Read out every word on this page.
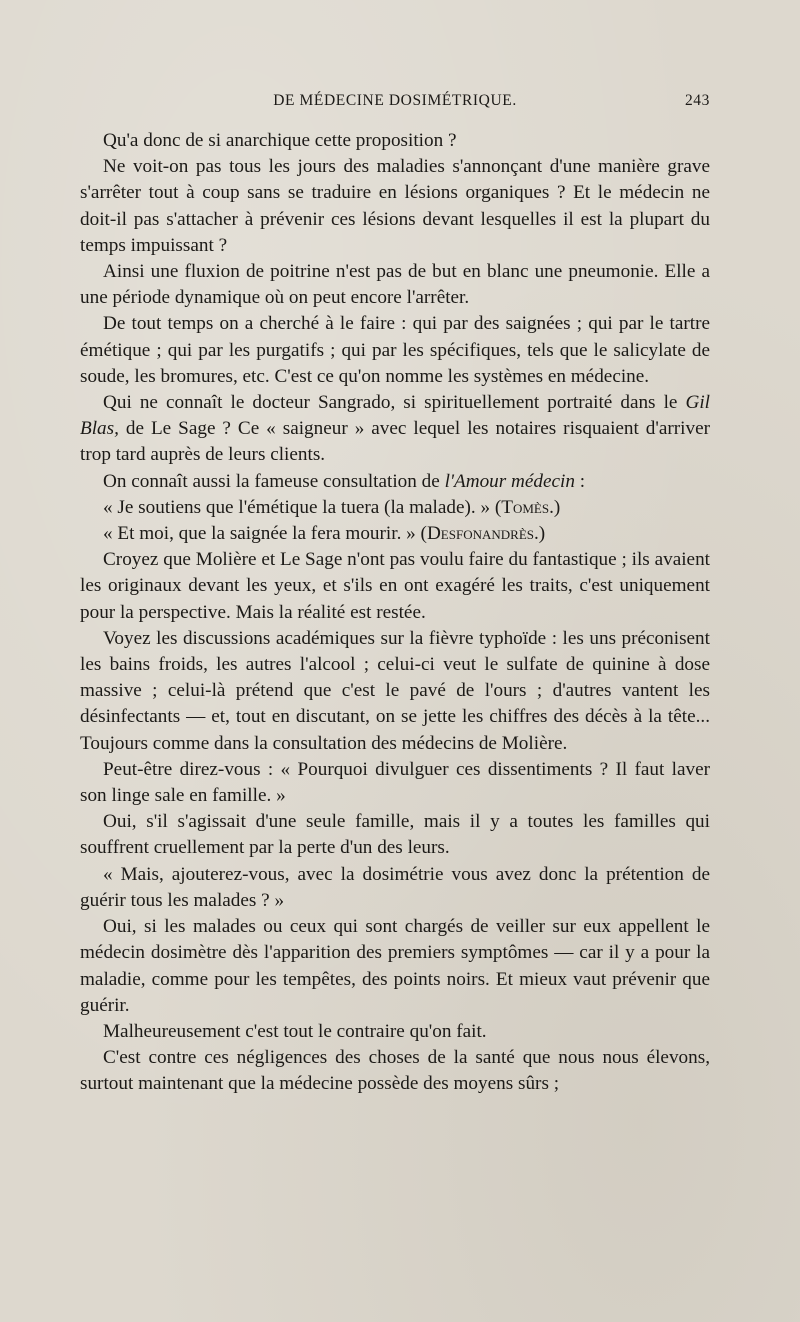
DE MÉDECINE DOSIMÉTRIQUE.	243

Qu'a donc de si anarchique cette proposition ?

Ne voit-on pas tous les jours des maladies s'annonçant d'une manière grave s'arrêter tout à coup sans se traduire en lésions organiques ? Et le médecin ne doit-il pas s'attacher à prévenir ces lésions devant lesquelles il est la plupart du temps impuissant ?

Ainsi une fluxion de poitrine n'est pas de but en blanc une pneumonie. Elle a une période dynamique où on peut encore l'arrêter.

De tout temps on a cherché à le faire : qui par des saignées ; qui par le tartre émétique ; qui par les purgatifs ; qui par les spécifiques, tels que le salicylate de soude, les bromures, etc. C'est ce qu'on nomme les systèmes en médecine.

Qui ne connaît le docteur Sangrado, si spirituellement portraité dans le Gil Blas, de Le Sage ? Ce « saigneur » avec lequel les notaires risquaient d'arriver trop tard auprès de leurs clients.

On connaît aussi la fameuse consultation de l'Amour médecin :

« Je soutiens que l'émétique la tuera (la malade). » (Tomès.)

« Et moi, que la saignée la fera mourir. » (Desfonandrès.)

Croyez que Molière et Le Sage n'ont pas voulu faire du fantastique ; ils avaient les originaux devant les yeux, et s'ils en ont exagéré les traits, c'est uniquement pour la perspective. Mais la réalité est restée.

Voyez les discussions académiques sur la fièvre typhoïde : les uns préconisent les bains froids, les autres l'alcool ; celui-ci veut le sulfate de quinine à dose massive ; celui-là prétend que c'est le pavé de l'ours ; d'autres vantent les désinfectants — et, tout en discutant, on se jette les chiffres des décès à la tête... Toujours comme dans la consultation des médecins de Molière.

Peut-être direz-vous : « Pourquoi divulguer ces dissentiments ? Il faut laver son linge sale en famille. »

Oui, s'il s'agissait d'une seule famille, mais il y a toutes les familles qui souffrent cruellement par la perte d'un des leurs.

« Mais, ajouterez-vous, avec la dosimétrie vous avez donc la prétention de guérir tous les malades ? »

Oui, si les malades ou ceux qui sont chargés de veiller sur eux appellent le médecin dosimètre dès l'apparition des premiers symptômes — car il y a pour la maladie, comme pour les tempêtes, des points noirs. Et mieux vaut prévenir que guérir.

Malheureusement c'est tout le contraire qu'on fait.

C'est contre ces négligences des choses de la santé que nous nous élevons, surtout maintenant que la médecine possède des moyens sûrs ;
